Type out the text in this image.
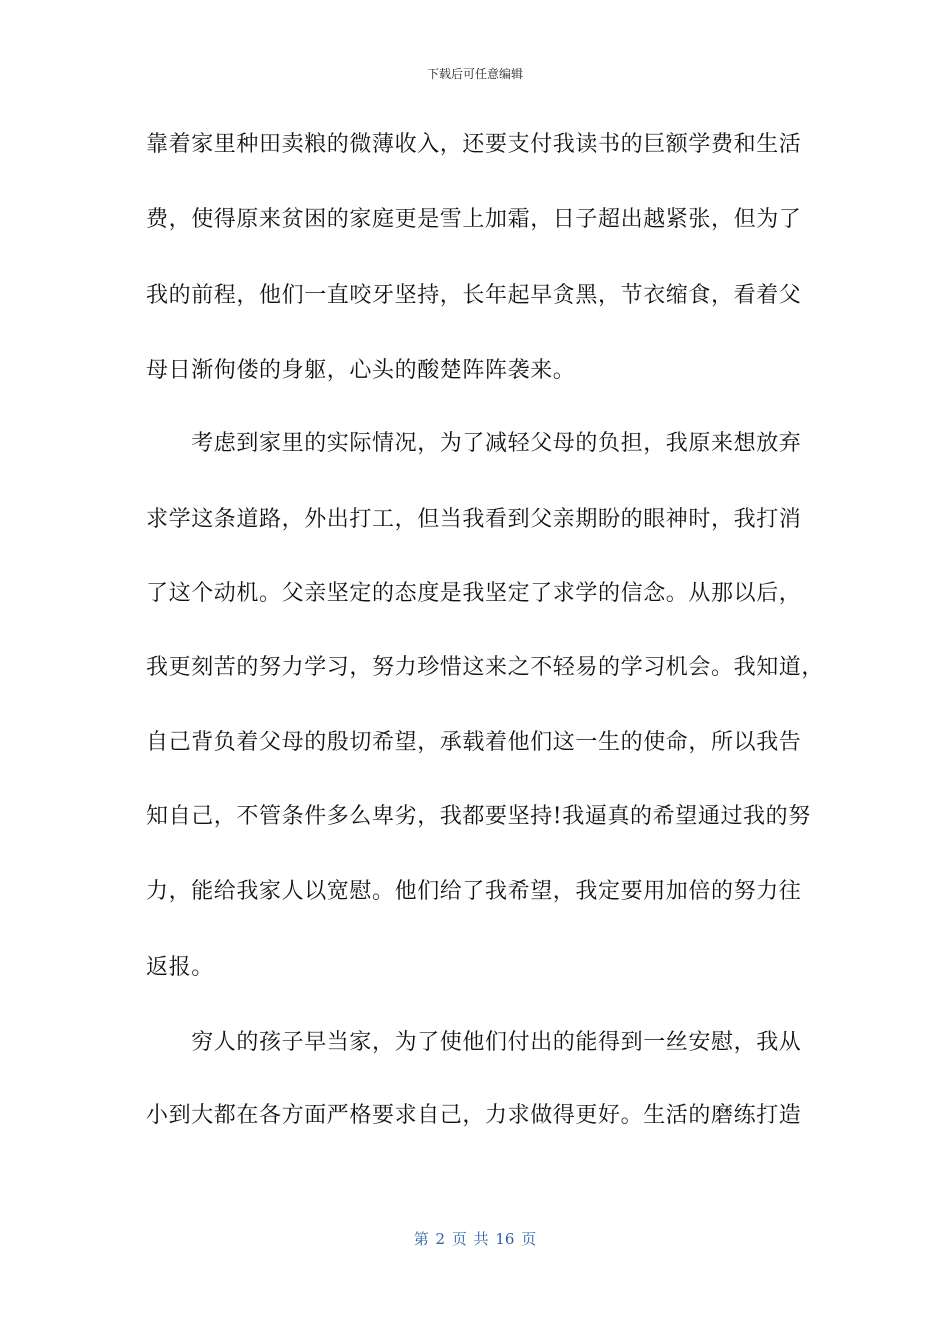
下载后可任意编辑
靠着家里种田卖粮的微薄收入，还要支付我读书的巨额学费和生活
费，使得原来贫困的家庭更是雪上加霜，日子超出越紧张，但为了
我的前程，他们一直咬牙坚持，长年起早贪黑，节衣缩食，看着父
母日渐佝偻的身躯，心头的酸楚阵阵袭来。
　　考虑到家里的实际情况，为了减轻父母的负担，我原来想放弃
求学这条道路，外出打工，但当我看到父亲期盼的眼神时，我打消
了这个动机。父亲坚定的态度是我坚定了求学的信念。从那以后，
我更刻苦的努力学习，努力珍惜这来之不轻易的学习机会。我知道，
自己背负着父母的殷切希望，承载着他们这一生的使命，所以我告
知自己，不管条件多么卑劣，我都要坚持!我逼真的希望通过我的努
力，能给我家人以宽慰。他们给了我希望，我定要用加倍的努力往
返报。
　　穷人的孩子早当家，为了使他们付出的能得到一丝安慰，我从
小到大都在各方面严格要求自己，力求做得更好。生活的磨练打造
第 2 页 共 16 页
